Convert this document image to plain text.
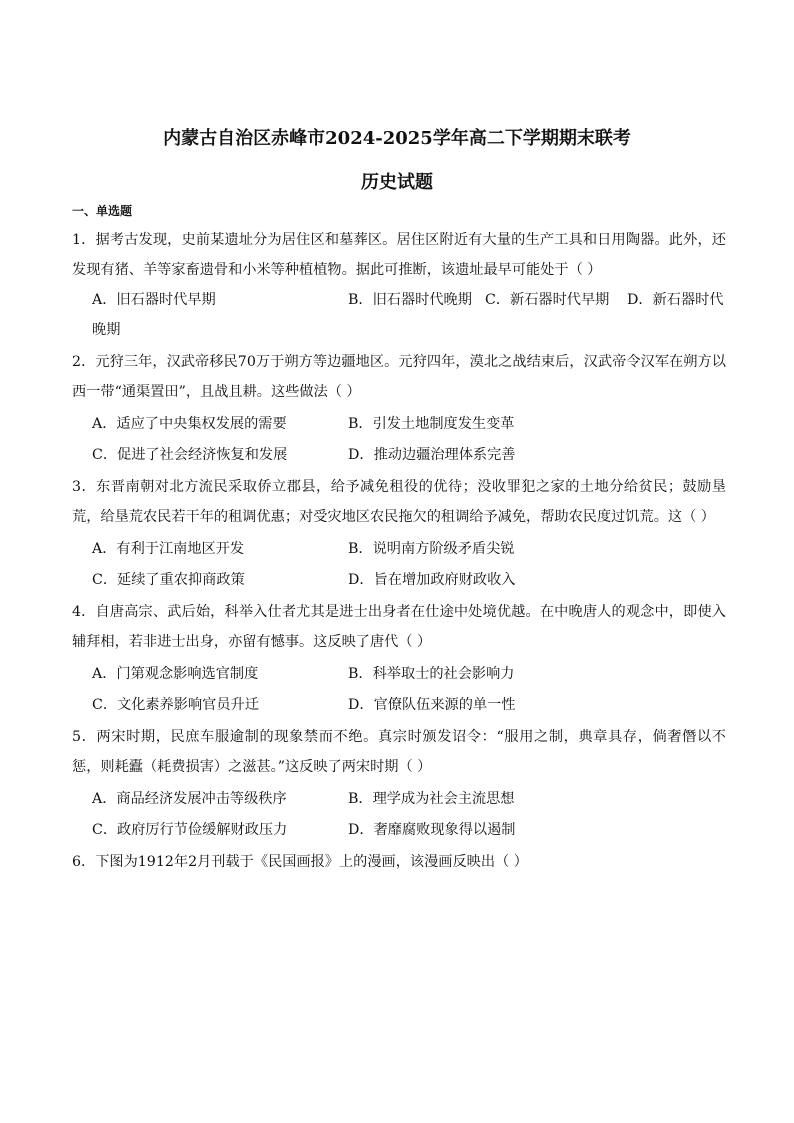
内蒙古自治区赤峰市2024-2025学年高二下学期期末联考
历史试题
一、单选题
1．据考古发现，史前某遗址分为居住区和墓葬区。居住区附近有大量的生产工具和日用陶器。此外，还发现有猪、羊等家畜遗骨和小米等种植植物。据此可推断，该遗址最早可能处于（ ）
A．旧石器时代早期	B．旧石器时代晚期 C．新石器时代早期 D．新石器时代
晚期
2．元狩三年，汉武帝移民70万于朔方等边疆地区。元狩四年，漠北之战结束后，汉武帝令汉军在朔方以西一带“通渠置田”，且战且耕。这些做法（ ）
A．适应了中央集权发展的需要	B．引发土地制度发生变革
C．促进了社会经济恢复和发展	D．推动边疆治理体系完善
3．东晋南朝对北方流民采取侨立郡县，给予减免租役的优待；没收罪犯之家的土地分给贫民；鼓励垦荒，给垦荒农民若干年的租调优惠；对受灾地区农民拖欠的租调给予减免，帮助农民度过饥荒。这（ ）
A．有利于江南地区开发	B．说明南方阶级矛盾尖锐
C．延续了重农抑商政策	D．旨在增加政府财政收入
4．自唐高宗、武后始，科举入仕者尤其是进士出身者在仕途中处境优越。在中晚唐人的观念中，即使入辅拜相，若非进士出身，亦留有憾事。这反映了唐代（ ）
A．门第观念影响选官制度	B．科举取士的社会影响力
C．文化素养影响官员升迁	D．官僚队伍来源的单一性
5．两宋时期，民庶车服逾制的现象禁而不绝。真宗时颁发诏令：“服用之制，典章具存，倘奢僭以不惩，则耗蠹（耗费损害）之滋甚。”这反映了两宋时期（ ）
A．商品经济发展冲击等级秩序	B．理学成为社会主流思想
C．政府厉行节俭缓解财政压力	D．奢靡腐败现象得以遏制
6．下图为1912年2月刊载于《民国画报》上的漫画，该漫画反映出（ ）
